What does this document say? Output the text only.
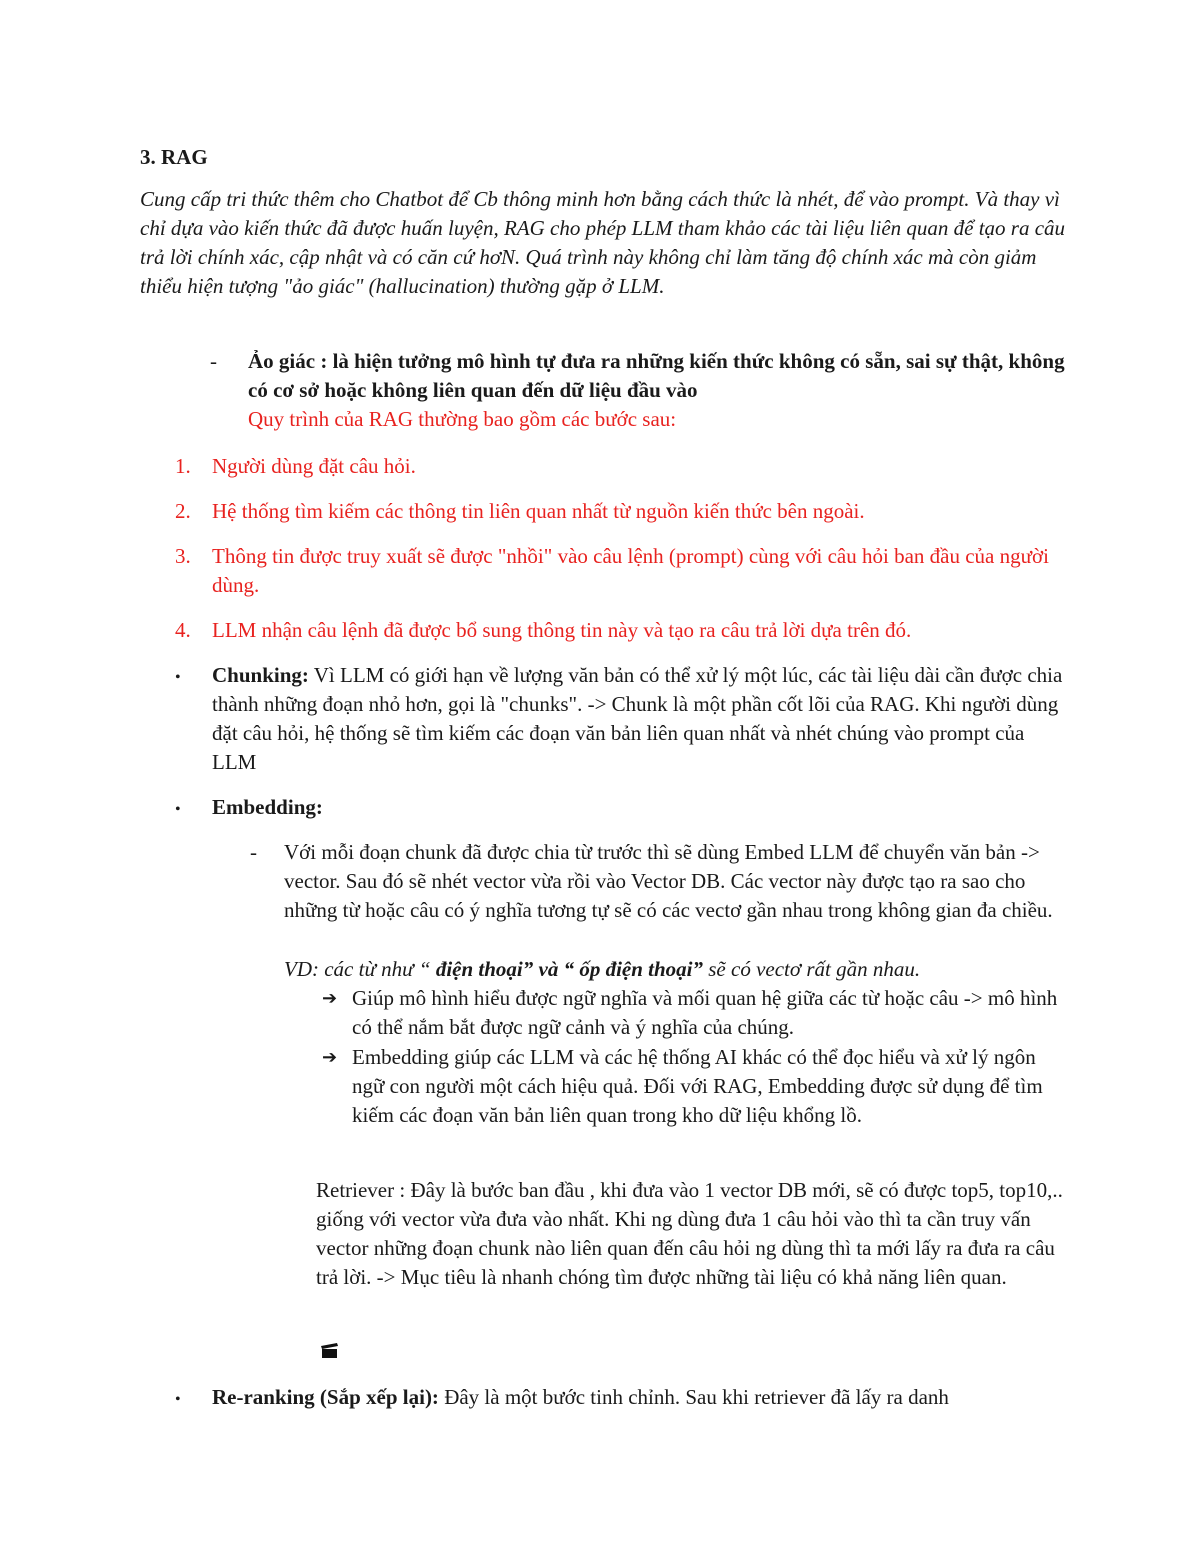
3. RAG
Cung cấp tri thức thêm cho Chatbot để Cb thông minh hơn bằng cách thức là nhét, để vào prompt. Và thay vì chỉ dựa vào kiến thức đã được huấn luyện, RAG cho phép LLM tham khảo các tài liệu liên quan để tạo ra câu trả lời chính xác, cập nhật và có căn cứ hơN. Quá trình này không chỉ làm tăng độ chính xác mà còn giảm thiểu hiện tượng "ảo giác" (hallucination) thường gặp ở LLM.
- Ảo giác : là hiện tưởng mô hình tự đưa ra những kiến thức không có sẵn, sai sự thật, không có cơ sở hoặc không liên quan đến dữ liệu đầu vào
Quy trình của RAG thường bao gồm các bước sau:
1. Người dùng đặt câu hỏi.
2. Hệ thống tìm kiếm các thông tin liên quan nhất từ nguồn kiến thức bên ngoài.
3. Thông tin được truy xuất sẽ được "nhồi" vào câu lệnh (prompt) cùng với câu hỏi ban đầu của người dùng.
4. LLM nhận câu lệnh đã được bổ sung thông tin này và tạo ra câu trả lời dựa trên đó.
• Chunking: Vì LLM có giới hạn về lượng văn bản có thể xử lý một lúc, các tài liệu dài cần được chia thành những đoạn nhỏ hơn, gọi là "chunks". -> Chunk là một phần cốt lõi của RAG. Khi người dùng đặt câu hỏi, hệ thống sẽ tìm kiếm các đoạn văn bản liên quan nhất và nhét chúng vào prompt của LLM
• Embedding:
- Với mỗi đoạn chunk đã được chia từ trước thì sẽ dùng Embed LLM để chuyển văn bản -> vector. Sau đó sẽ nhét vector vừa rồi vào Vector DB. Các vector này được tạo ra sao cho những từ hoặc câu có ý nghĩa tương tự sẽ có các vectơ gần nhau trong không gian đa chiều.
VD: các từ như “ điện thoại” và “ ốp điện thoại” sẽ có vectơ rất gần nhau.
➔ Giúp mô hình hiểu được ngữ nghĩa và mối quan hệ giữa các từ hoặc câu -> mô hình có thể nắm bắt được ngữ cảnh và ý nghĩa của chúng.
➔ Embedding giúp các LLM và các hệ thống AI khác có thể đọc hiểu và xử lý ngôn ngữ con người một cách hiệu quả. Đối với RAG, Embedding được sử dụng để tìm kiếm các đoạn văn bản liên quan trong kho dữ liệu khổng lồ.
Retriever : Đây là bước ban đầu , khi đưa vào 1 vector DB mới, sẽ có được top5, top10,.. giống với vector vừa đưa vào nhất. Khi ng dùng đưa 1 câu hỏi vào thì ta cần truy vấn vector những đoạn chunk nào liên quan đến câu hỏi ng dùng thì ta mới lấy ra đưa ra câu trả lời. -> Mục tiêu là nhanh chóng tìm được những tài liệu có khả năng liên quan.
• Re-ranking (Sắp xếp lại): Đây là một bước tinh chỉnh. Sau khi retriever đã lấy ra danh
